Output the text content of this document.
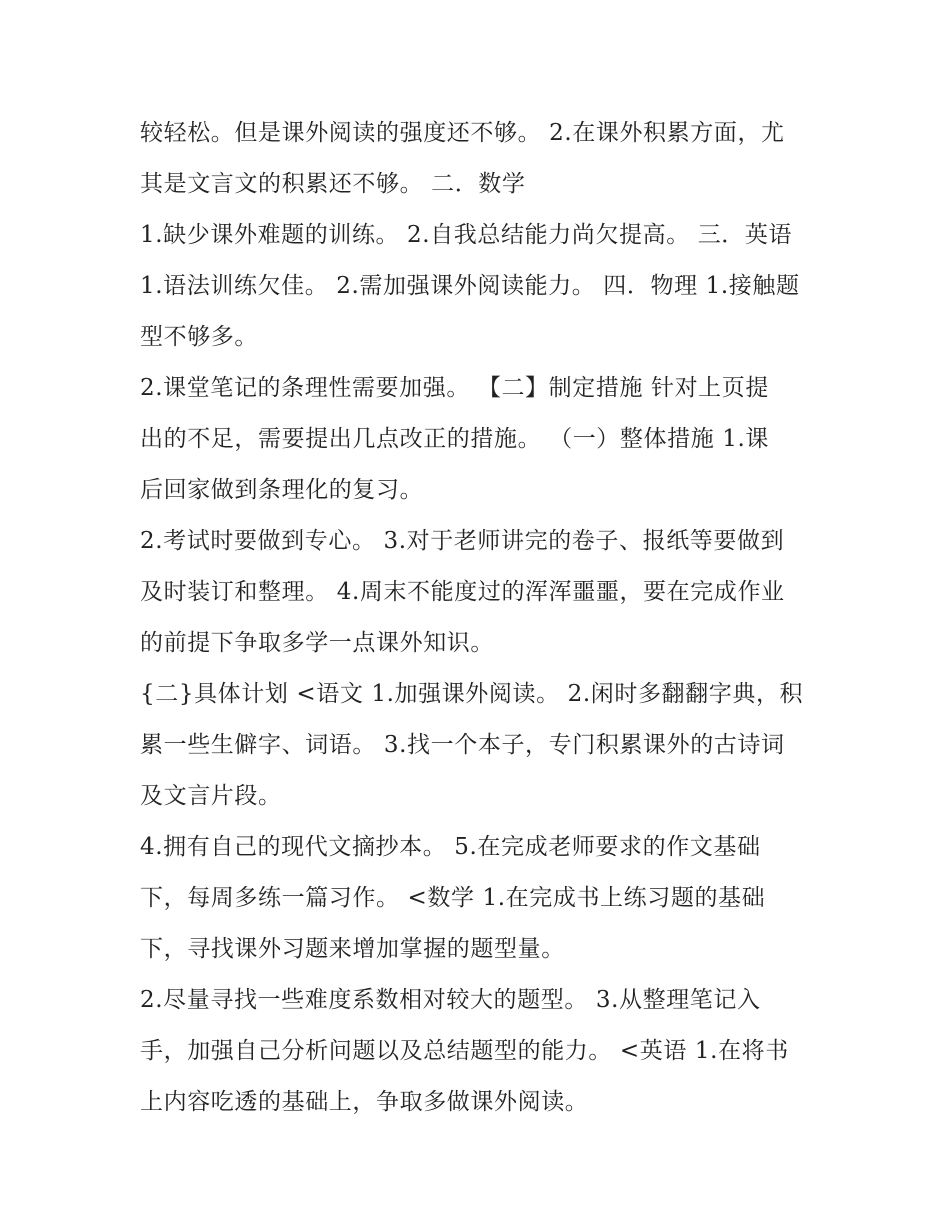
较轻松。但是课外阅读的强度还不够。 2.在课外积累方面，尤
其是文言文的积累还不够。 二．数学
1.缺少课外难题的训练。 2.自我总结能力尚欠提高。 三．英语
1.语法训练欠佳。 2.需加强课外阅读能力。 四．物理 1.接触题
型不够多。
2.课堂笔记的条理性需要加强。 【二】制定措施 针对上页提
出的不足，需要提出几点改正的措施。 （一）整体措施 1.课
后回家做到条理化的复习。
2.考试时要做到专心。 3.对于老师讲完的卷子、报纸等要做到
及时装订和整理。 4.周末不能度过的浑浑噩噩，要在完成作业
的前提下争取多学一点课外知识。
{二}具体计划 <语文 1.加强课外阅读。 2.闲时多翻翻字典，积
累一些生僻字、词语。 3.找一个本子，专门积累课外的古诗词
及文言片段。
4.拥有自己的现代文摘抄本。 5.在完成老师要求的作文基础
下，每周多练一篇习作。 <数学 1.在完成书上练习题的基础
下，寻找课外习题来增加掌握的题型量。
2.尽量寻找一些难度系数相对较大的题型。 3.从整理笔记入
手，加强自己分析问题以及总结题型的能力。 <英语 1.在将书
上内容吃透的基础上，争取多做课外阅读。
